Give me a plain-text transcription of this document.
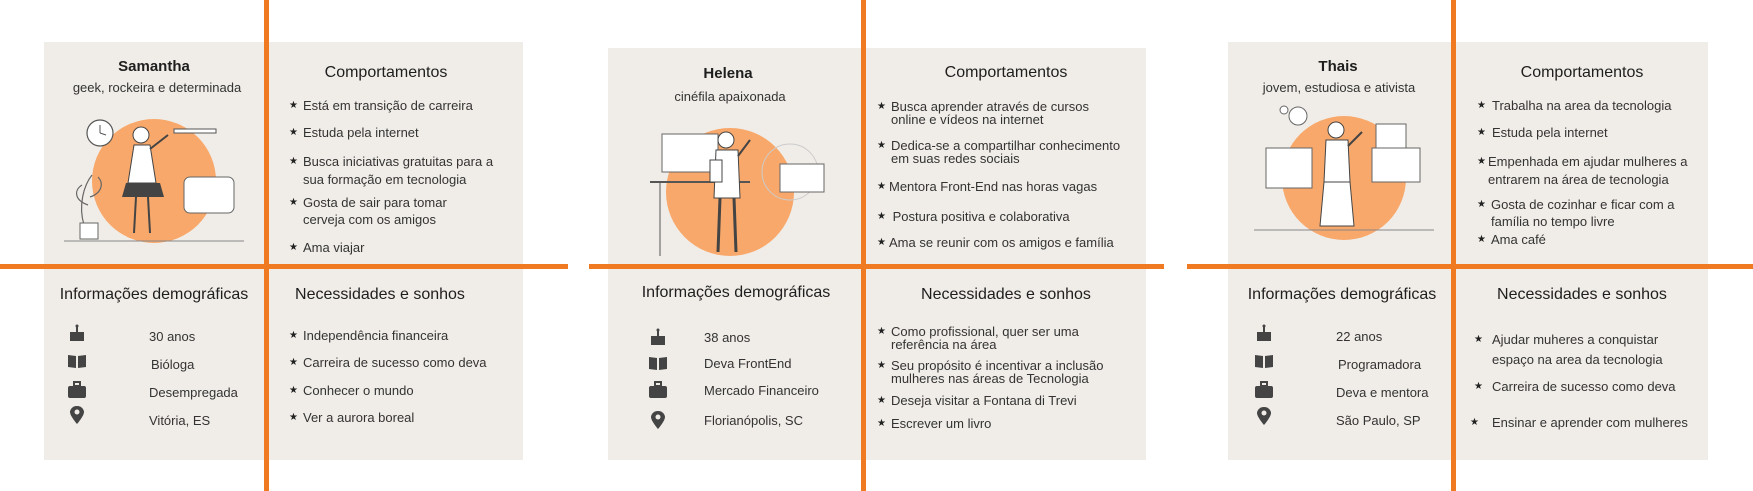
Samantha
geek, rockeira e determinada
Comportamentos
★ Está em transição de carreira
★ Estuda pela internet
★ Busca iniciativas gratuitas para a sua formação em tecnologia
★ Gosta de sair para tomar cerveja com os amigos
★ Ama viajar
Informações demográficas
30 anos
Bióloga
Desempregada
Vitória, ES
Necessidades e sonhos
★ Independência financeira
★ Carreira de sucesso como deva
★ Conhecer o mundo
★ Ver a aurora boreal
Helena
cinéfila apaixonada
Comportamentos
★ Busca aprender através de cursos online e vídeos na internet
★ Dedica-se a compartilhar conhecimento em suas redes sociais
★ Mentora Front-End nas horas vagas
★ Postura positiva e colaborativa
★ Ama se reunir com os amigos e família
Informações demográficas
38 anos
Deva FrontEnd
Mercado Financeiro
Florianópolis, SC
Necessidades e sonhos
★ Como profissional, quer ser uma referência na área
★ Seu propósito é incentivar a inclusão mulheres nas áreas de Tecnologia
★ Deseja visitar a Fontana di Trevi
★ Escrever um livro
Thais
jovem, estudiosa e ativista
Comportamentos
★ Trabalha na area da tecnologia
★ Estuda pela internet
★ Empenhada em ajudar mulheres a entrarem na área de tecnologia
★ Gosta de cozinhar e ficar com a família no tempo livre
★ Ama café
Informações demográficas
22 anos
Programadora
Deva e mentora
São Paulo, SP
Necessidades e sonhos
★ Ajudar muheres a conquistar espaço na area da tecnologia
★ Carreira de sucesso como deva
★	Ensinar e aprender com mulheres
